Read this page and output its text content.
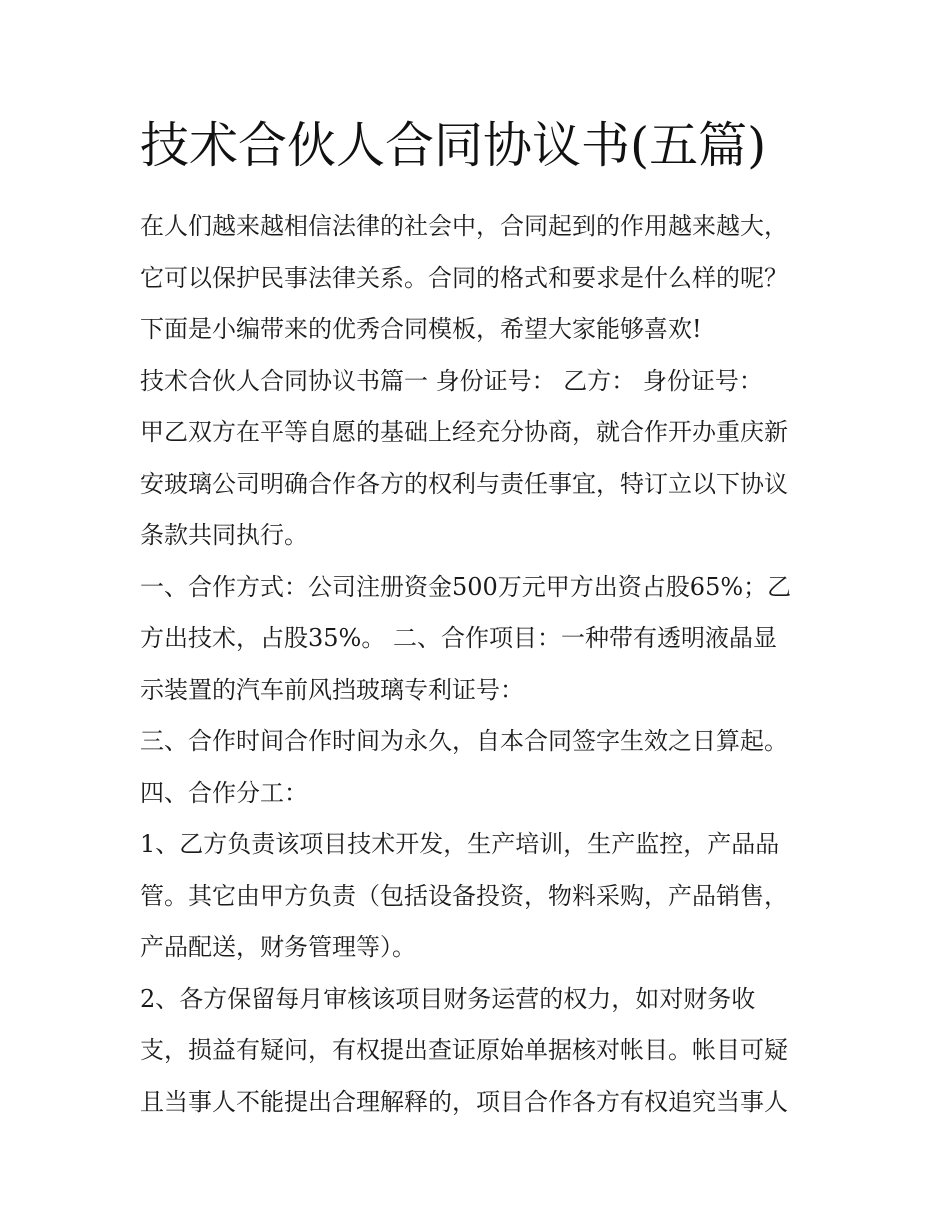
技术合伙人合同协议书(五篇)
在人们越来越相信法律的社会中，合同起到的作用越来越大，
它可以保护民事法律关系。合同的格式和要求是什么样的呢？
下面是小编带来的优秀合同模板，希望大家能够喜欢!
技术合伙人合同协议书篇一 身份证号： 乙方： 身份证号：
甲乙双方在平等自愿的基础上经充分协商，就合作开办重庆新
安玻璃公司明确合作各方的权利与责任事宜，特订立以下协议
条款共同执行。
一、合作方式：公司注册资金500万元甲方出资占股65%；乙
方出技术，占股35%。 二、合作项目：一种带有透明液晶显
示装置的汽车前风挡玻璃专利证号：
三、合作时间合作时间为永久，自本合同签字生效之日算起。
四、合作分工：
1、乙方负责该项目技术开发，生产培训，生产监控，产品品
管。其它由甲方负责（包括设备投资，物料采购，产品销售，
产品配送，财务管理等）。
2、各方保留每月审核该项目财务运营的权力，如对财务收
支，损益有疑问，有权提出查证原始单据核对帐目。帐目可疑
且当事人不能提出合理解释的，项目合作各方有权追究当事人
